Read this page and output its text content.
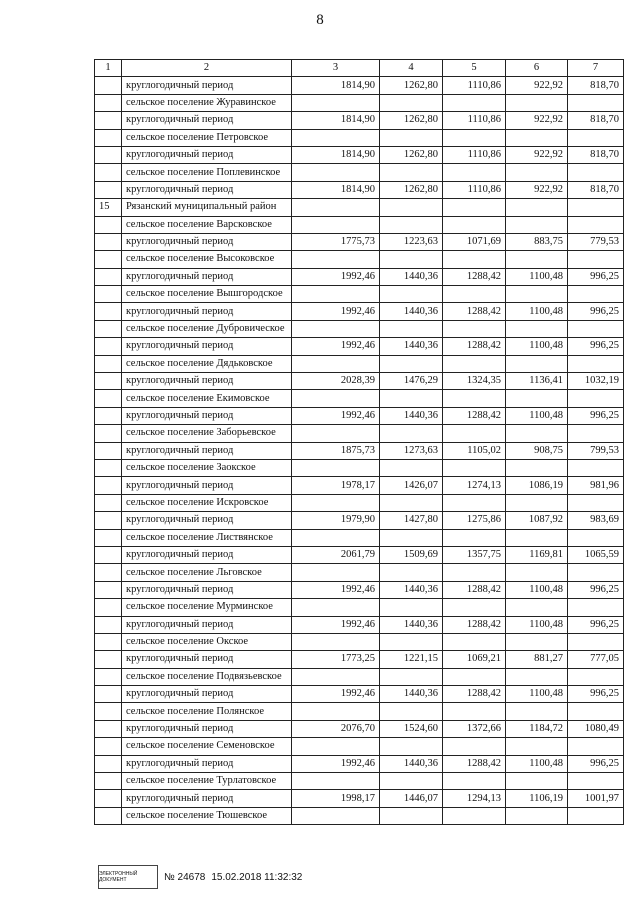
8
1	2	3	4	5	6	7
	круглогодичный период	1814,90	1262,80	1110,86	922,92	818,70
	сельское поселение Журавинское					
	круглогодичный период	1814,90	1262,80	1110,86	922,92	818,70
	сельское поселение Петровское					
	круглогодичный период	1814,90	1262,80	1110,86	922,92	818,70
	сельское поселение Поплевинское					
	круглогодичный период	1814,90	1262,80	1110,86	922,92	818,70
15	Рязанский муниципальный район					
	сельское поселение Варсковское					
	круглогодичный период	1775,73	1223,63	1071,69	883,75	779,53
	сельское поселение Высоковское					
	круглогодичный период	1992,46	1440,36	1288,42	1100,48	996,25
	сельское поселение Вышгородское					
	круглогодичный период	1992,46	1440,36	1288,42	1100,48	996,25
	сельское поселение Дубровическое					
	круглогодичный период	1992,46	1440,36	1288,42	1100,48	996,25
	сельское поселение Дядьковское					
	круглогодичный период	2028,39	1476,29	1324,35	1136,41	1032,19
	сельское поселение Екимовское					
	круглогодичный период	1992,46	1440,36	1288,42	1100,48	996,25
	сельское поселение Заборьевское					
	круглогодичный период	1875,73	1273,63	1105,02	908,75	799,53
	сельское поселение Заокское					
	круглогодичный период	1978,17	1426,07	1274,13	1086,19	981,96
	сельское поселение Искровское					
	круглогодичный период	1979,90	1427,80	1275,86	1087,92	983,69
	сельское поселение Листвянское					
	круглогодичный период	2061,79	1509,69	1357,75	1169,81	1065,59
	сельское поселение Льговское					
	круглогодичный период	1992,46	1440,36	1288,42	1100,48	996,25
	сельское поселение Мурминское					
	круглогодичный период	1992,46	1440,36	1288,42	1100,48	996,25
	сельское поселение Окское					
	круглогодичный период	1773,25	1221,15	1069,21	881,27	777,05
	сельское поселение Подвязьевское					
	круглогодичный период	1992,46	1440,36	1288,42	1100,48	996,25
	сельское поселение Полянское					
	круглогодичный период	2076,70	1524,60	1372,66	1184,72	1080,49
	сельское поселение Семеновское					
	круглогодичный период	1992,46	1440,36	1288,42	1100,48	996,25
	сельское поселение Турлатовское					
	круглогодичный период	1998,17	1446,07	1294,13	1106,19	1001,97
	сельское поселение Тюшевское					
ЭЛЕКТРОННЫЙ ДОКУМЕНТ	№ 24678 15.02.2018 11:32:32
